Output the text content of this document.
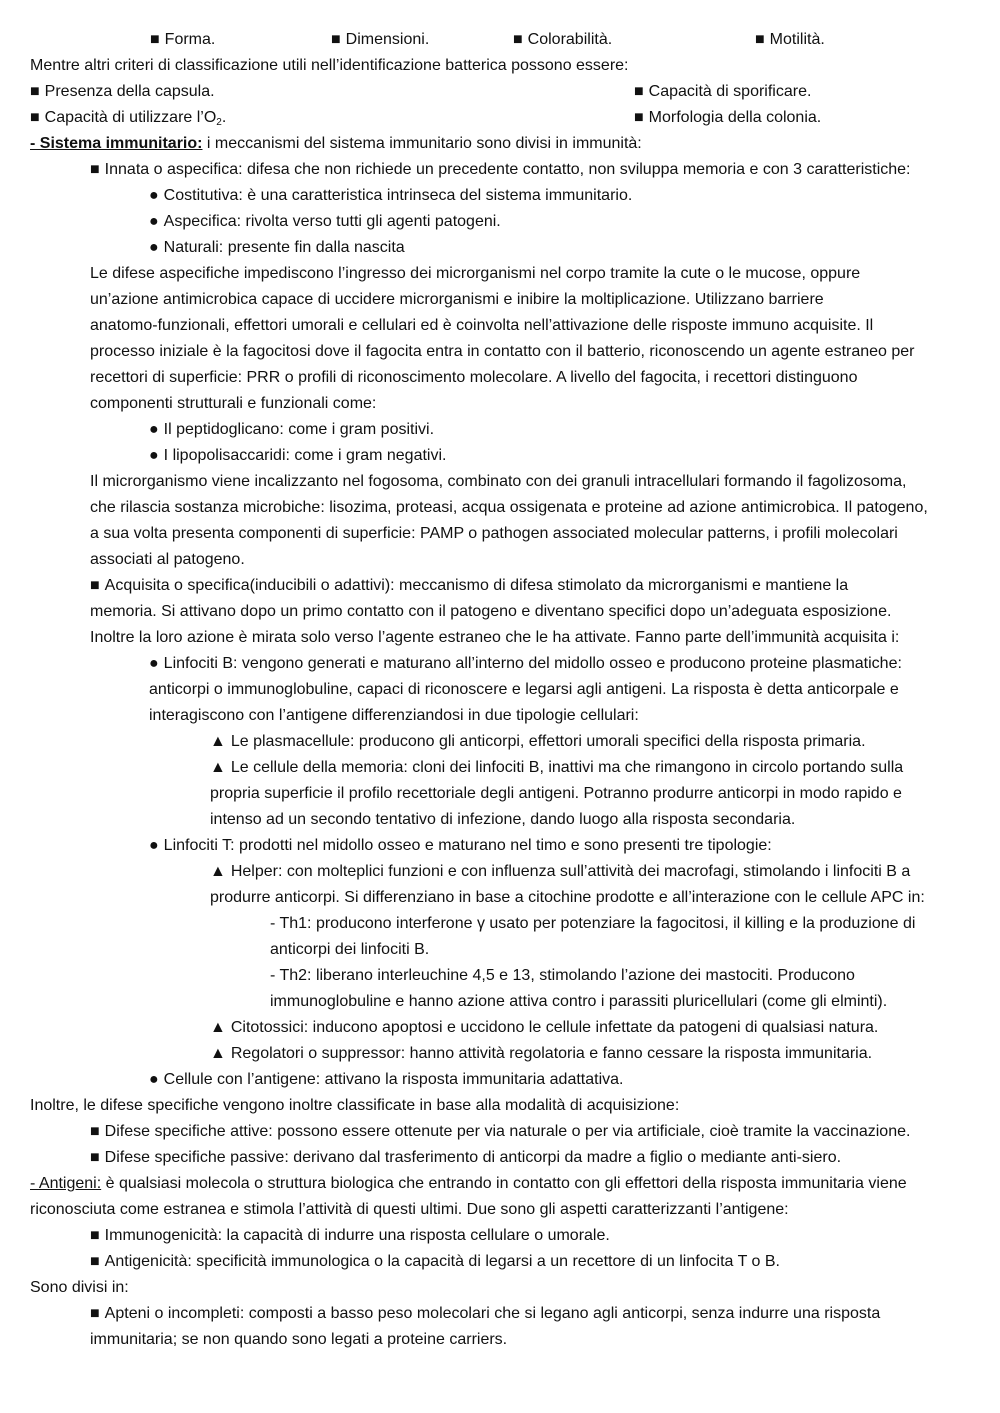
■ Forma.	■ Dimensioni.	■ Colorabilità.	■ Motilità.
Mentre altri criteri di classificazione utili nell’identificazione batterica possono essere:
■ Presenza della capsula.	■ Capacità di sporificare.
■ Capacità di utilizzare $l’O_2$.	■ Morfologia della colonia.
- Sistema immunitario: i meccanismi del sistema immunitario sono divisi in immunità:
■ Innata o aspecifica: difesa che non richiede un precedente contatto, non sviluppa memoria e con 3 caratteristiche:
● Costitutiva: è una caratteristica intrinseca del sistema immunitario.
● Aspecifica: rivolta verso tutti gli agenti patogeni.
● Naturali: presente fin dalla nascita
Le difese aspecifiche impediscono l’ingresso dei microrganismi nel corpo tramite la cute o le mucose, oppure
un’azione antimicrobica capace di uccidere microrganismi e inibire la moltiplicazione. Utilizzano barriere
anatomo-funzionali, effettori umorali e cellulari ed è coinvolta nell’attivazione delle risposte immuno acquisite. Il
processo iniziale è la fagocitosi dove il fagocita entra in contatto con il batterio, riconoscendo un agente estraneo per
recettori di superficie: PRR o profili di riconoscimento molecolare. A livello del fagocita, i recettori distinguono
componenti strutturali e funzionali come:
● Il peptidoglicano: come i gram positivi.
● I lipopolisaccaridi: come i gram negativi.
Il microrganismo viene incalizzanto nel fogosoma, combinato con dei granuli intracellulari formando il fagolizosoma,
che rilascia sostanza microbiche: lisozima, proteasi, acqua ossigenata e proteine ad azione antimicrobica. Il patogeno,
a sua volta presenta componenti di superficie: PAMP o pathogen associated molecular patterns, i profili molecolari
associati al patogeno.
■ Acquisita o specifica(inducibili o adattivi): meccanismo di difesa stimolato da microrganismi e mantiene la
memoria. Si attivano dopo un primo contatto con il patogeno e diventano specifici dopo un’adeguata esposizione.
Inoltre la loro azione è mirata solo verso l’agente estraneo che le ha attivate. Fanno parte dell’immunità acquisita i:
● Linfociti B: vengono generati e maturano all’interno del midollo osseo e producono proteine plasmatiche:
anticorpi o immunoglobuline, capaci di riconoscere e legarsi agli antigeni. La risposta è detta anticorpale e
interagiscono con l’antigene differenziandosi in due tipologie cellulari:
▲ Le plasmacellule: producono gli anticorpi, effettori umorali specifici della risposta primaria.
▲ Le cellule della memoria: cloni dei linfociti B, inattivi ma che rimangono in circolo portando sulla
propria superficie il profilo recettoriale degli antigeni. Potranno produrre anticorpi in modo rapido e
intenso ad un secondo tentativo di infezione, dando luogo alla risposta secondaria.
● Linfociti T: prodotti nel midollo osseo e maturano nel timo e sono presenti tre tipologie:
▲ Helper: con molteplici funzioni e con influenza sull’attività dei macrofagi, stimolando i linfociti B a
produrre anticorpi. Si differenziano in base a citochine prodotte e all’interazione con le cellule APC in:
- Th1: producono interferone γ usato per potenziare la fagocitosi, il killing e la produzione di
anticorpi dei linfociti B.
- Th2: liberano interleuchine 4,5 e 13, stimolando l’azione dei mastociti. Producono
immunoglobuline e hanno azione attiva contro i parassiti pluricellulari (come gli elminti).
▲ Citotossici: inducono apoptosi e uccidono le cellule infettate da patogeni di qualsiasi natura.
▲ Regolatori o suppressor: hanno attività regolatoria e fanno cessare la risposta immunitaria.
● Cellule con l’antigene: attivano la risposta immunitaria adattativa.
Inoltre, le difese specifiche vengono inoltre classificate in base alla modalità di acquisizione:
■ Difese specifiche attive: possono essere ottenute per via naturale o per via artificiale, cioè tramite la vaccinazione.
■ Difese specifiche passive: derivano dal trasferimento di anticorpi da madre a figlio o mediante anti-siero.
- Antigeni: è qualsiasi molecola o struttura biologica che entrando in contatto con gli effettori della risposta immunitaria viene
riconosciuta come estranea e stimola l’attività di questi ultimi. Due sono gli aspetti caratterizzanti l’antigene:
■ Immunogenicità: la capacità di indurre una risposta cellulare o umorale.
■ Antigenicità: specificità immunologica o la capacità di legarsi a un recettore di un linfocita T o B.
Sono divisi in:
■ Apteni o incompleti: composti a basso peso molecolari che si legano agli anticorpi, senza indurre una risposta
immunitaria; se non quando sono legati a proteine carriers.
